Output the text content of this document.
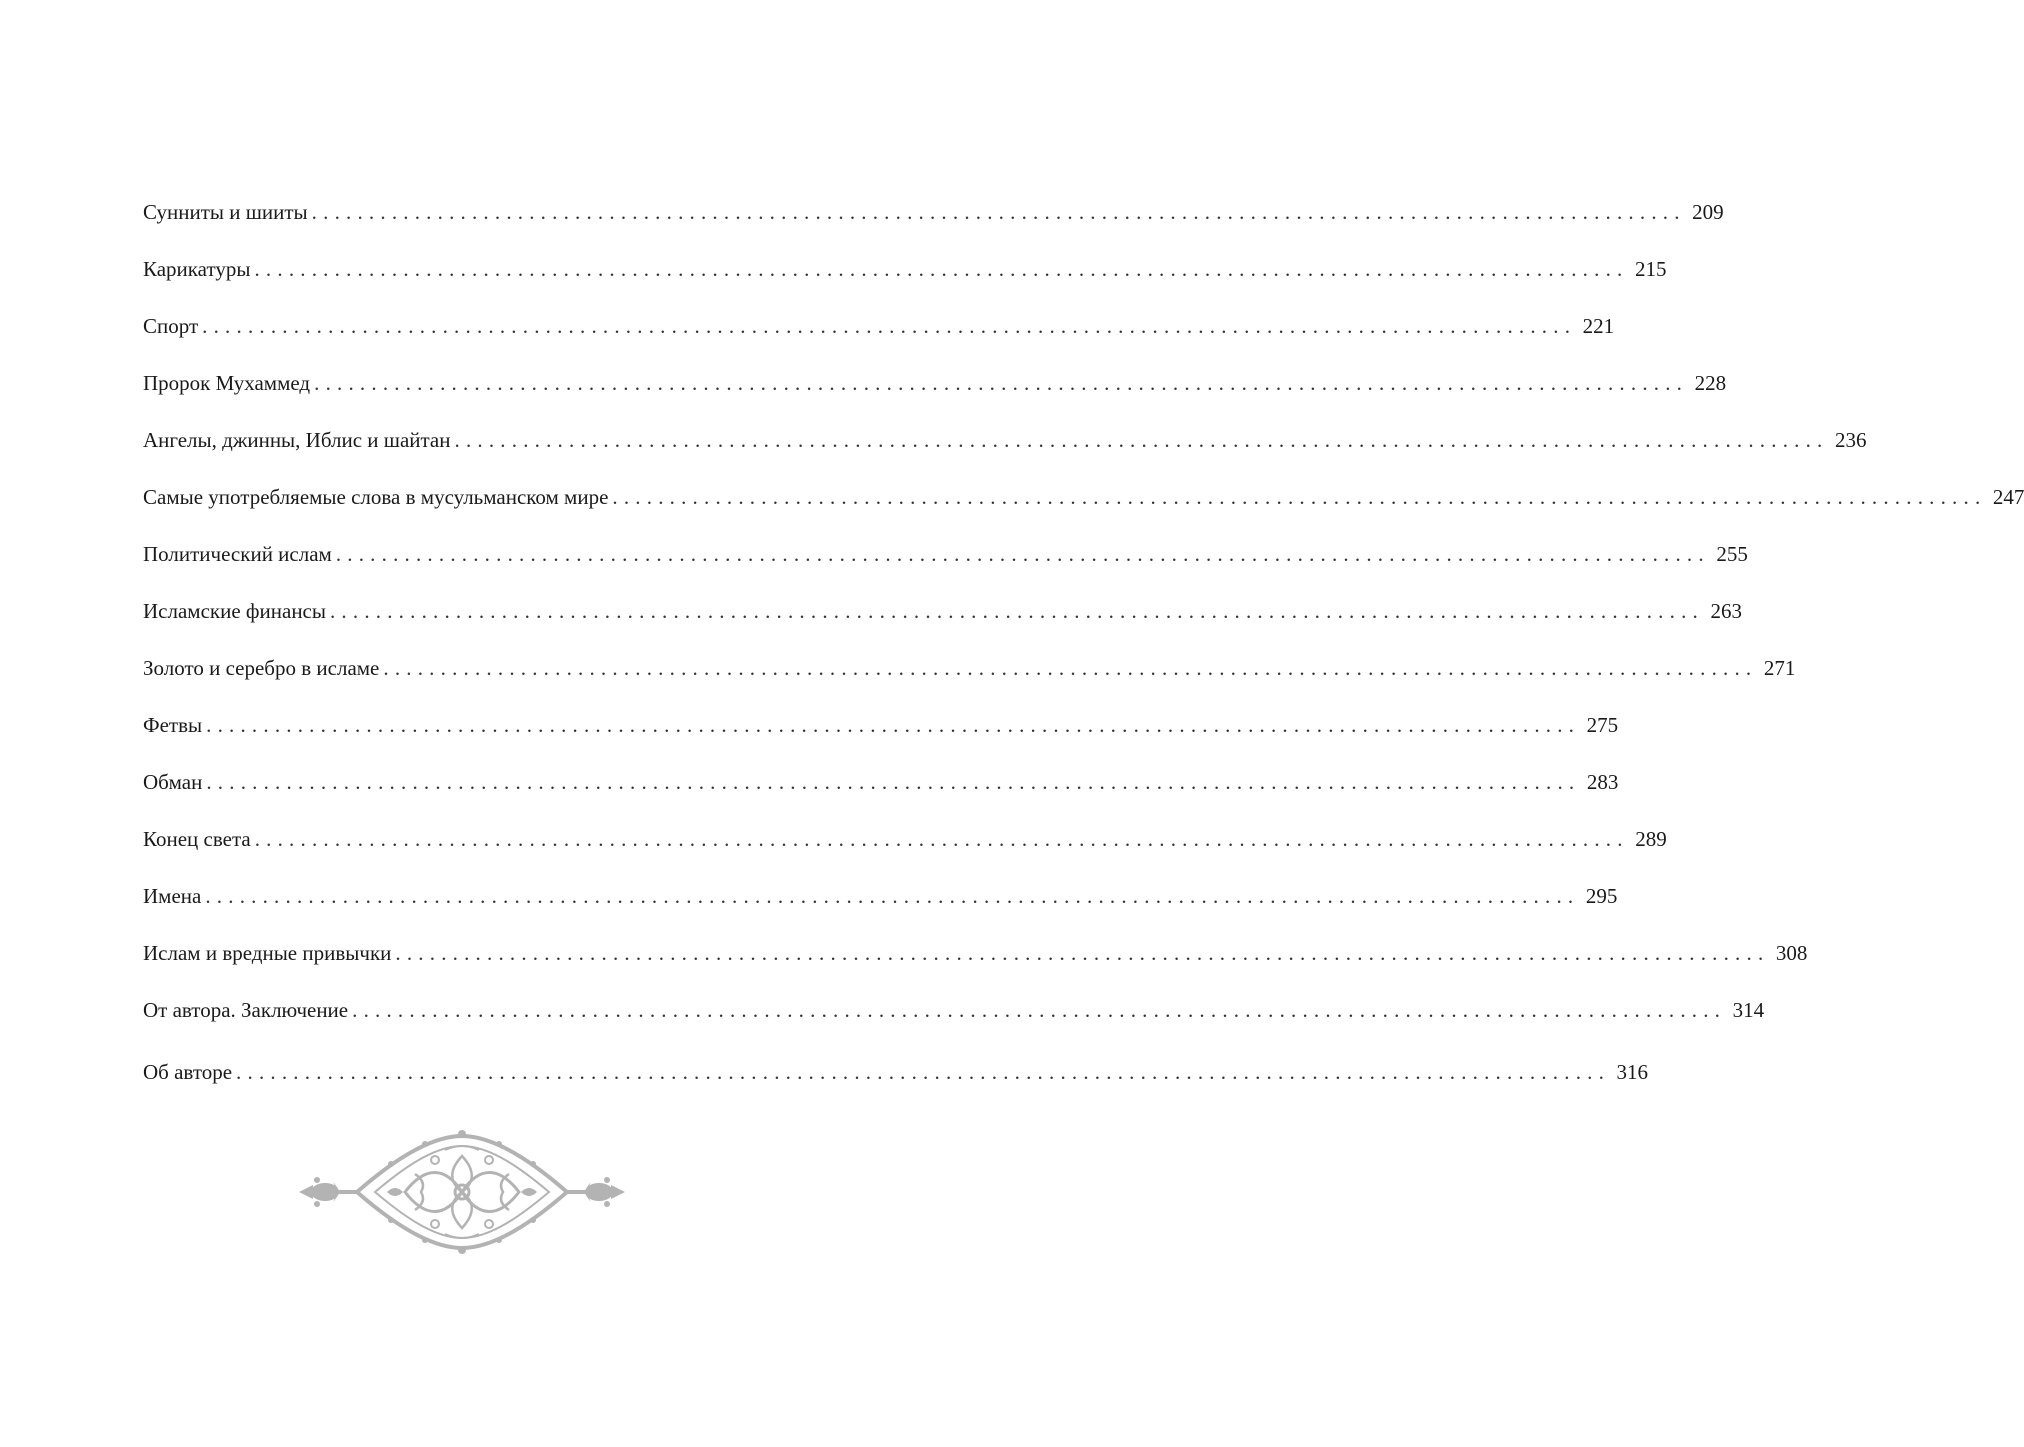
Сунниты и шииты ........................................................................................................................ 209
Карикатуры ........................................................................................................................ 215
Спорт ........................................................................................................................ 221
Пророк Мухаммед ........................................................................................................................ 228
Ангелы, джинны, Иблис и шайтан ........................................................................................................................ 236
Самые употребляемые слова в мусульманском мире ........................................................................................................................ 247
Политический ислам ........................................................................................................................ 255
Исламские финансы ........................................................................................................................ 263
Золото и серебро в исламе ........................................................................................................................ 271
Фетвы ........................................................................................................................ 275
Обман ........................................................................................................................ 283
Конец света ........................................................................................................................ 289
Имена ........................................................................................................................ 295
Ислам и вредные привычки ........................................................................................................................ 308
От автора. Заключение ........................................................................................................................ 314
Об авторе ........................................................................................................................ 316
